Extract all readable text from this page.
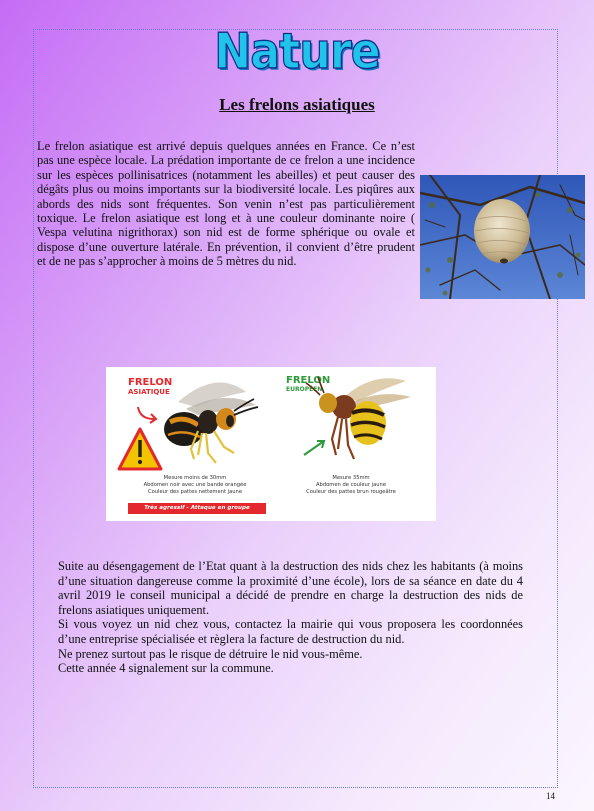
Nature
Les frelons asiatiques

Le frelon asiatique est arrivé depuis quelques années en France. Ce n’est pas une espèce locale. La prédation importante de ce frelon a une incidence sur les espèces pollinisatrices (notamment les abeilles) et peut causer des dégâts plus ou moins importants sur la biodiversité locale. Les piqûres aux abords des nids sont fréquentes. Son venin n’est pas particulièrement toxique. Le frelon asiatique est long et à une couleur dominante noire ( Vespa velutina nigrithorax) son nid est de forme sphérique ou ovale et dispose d’une ouverture latérale. En prévention, il convient d’être prudent et de ne pas s’approcher à moins de 5 mètres du nid.

FRELON
ASIATIQUE
FRELON
EUROPÉEN
Mesure moins de 30mm
Abdomen noir avec une bande orangée
Couleur des pattes nettement jaune
Très agressif - Attaque en groupe
Mesure 35mm
Abdomen de couleur jaune
Couleur des pattes brun rougeâtre

Suite au désengagement de l’Etat quant à la destruction des nids chez les habitants (à moins d’une situation dangereuse comme la proximité d’une école), lors de sa séance en date du 4 avril 2019 le conseil municipal a décidé de prendre en charge la destruction des nids de frelons asiatiques uniquement.

Si vous voyez un nid chez vous, contactez la mairie qui vous proposera les coordonnées d’une entreprise spécialisée et règlera la facture de destruction du nid.

Ne prenez surtout pas le risque de détruire le nid vous-même.

Cette année 4 signalement sur la commune.

14
